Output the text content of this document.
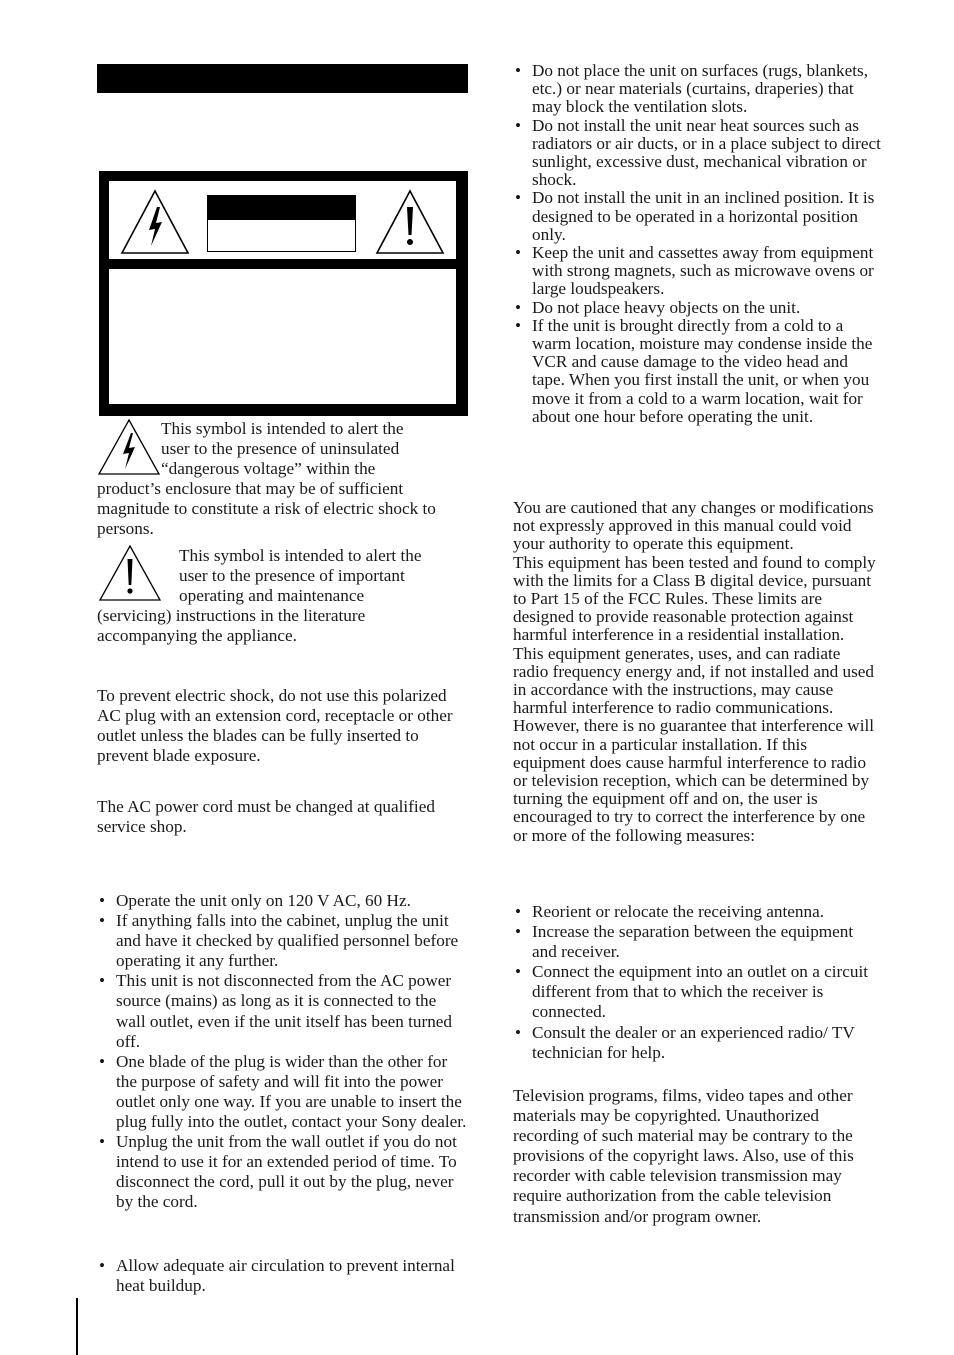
This symbol is intended to alert the
user to the presence of uninsulated
“dangerous voltage” within the

product’s enclosure that may be of sufficient magnitude to constitute a risk of electric shock to persons.

This symbol is intended to alert the
user to the presence of important
operating and maintenance

(servicing) instructions in the literature accompanying the appliance.

To prevent electric shock, do not use this polarized AC plug with an extension cord, receptacle or other outlet unless the blades can be fully inserted to prevent blade exposure.

The AC power cord must be changed at qualified service shop.

• Operate the unit only on 120 V AC, 60 Hz.
• If anything falls into the cabinet, unplug the unit and have it checked by qualified personnel before operating it any further.
• This unit is not disconnected from the AC power source (mains) as long as it is connected to the wall outlet, even if the unit itself has been turned off.
• One blade of the plug is wider than the other for the purpose of safety and will fit into the power outlet only one way. If you are unable to insert the plug fully into the outlet, contact your Sony dealer.
• Unplug the unit from the wall outlet if you do not intend to use it for an extended period of time. To disconnect the cord, pull it out by the plug, never by the cord.
• Allow adequate air circulation to prevent internal heat buildup.
• Do not place the unit on surfaces (rugs, blankets, etc.) or near materials (curtains, draperies) that may block the ventilation slots.
• Do not install the unit near heat sources such as radiators or air ducts, or in a place subject to direct sunlight, excessive dust, mechanical vibration or shock.
• Do not install the unit in an inclined position. It is designed to be operated in a horizontal position only.
• Keep the unit and cassettes away from equipment with strong magnets, such as microwave ovens or large loudspeakers.
• Do not place heavy objects on the unit.
• If the unit is brought directly from a cold to a warm location, moisture may condense inside the VCR and cause damage to the video head and tape. When you first install the unit, or when you move it from a cold to a warm location, wait for about one hour before operating the unit.

You are cautioned that any changes or modifications not expressly approved in this manual could void your authority to operate this equipment.

This equipment has been tested and found to comply with the limits for a Class B digital device, pursuant to Part 15 of the FCC Rules. These limits are designed to provide reasonable protection against harmful interference in a residential installation. This equipment generates, uses, and can radiate radio frequency energy and, if not installed and used in accordance with the instructions, may cause harmful interference to radio communications. However, there is no guarantee that interference will not occur in a particular installation. If this equipment does cause harmful interference to radio or television reception, which can be determined by turning the equipment off and on, the user is encouraged to try to correct the interference by one or more of the following measures:

• Reorient or relocate the receiving antenna.
• Increase the separation between the equipment and receiver.
• Connect the equipment into an outlet on a circuit different from that to which the receiver is connected.
• Consult the dealer or an experienced radio/ TV technician for help.

Television programs, films, video tapes and other materials may be copyrighted. Unauthorized recording of such material may be contrary to the provisions of the copyright laws. Also, use of this recorder with cable television transmission may require authorization from the cable television transmission and/or program owner.
